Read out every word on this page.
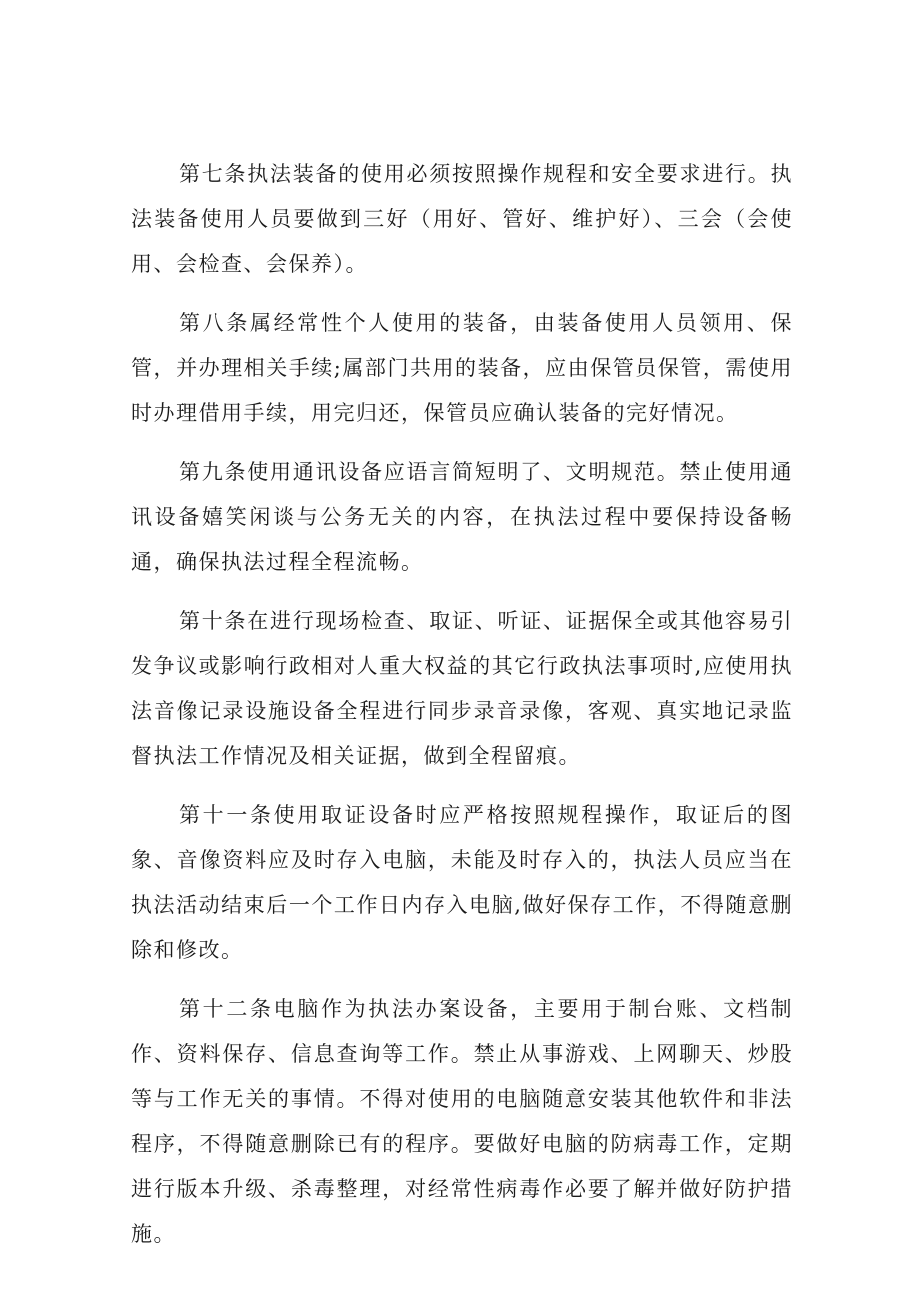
第七条执法装备的使用必须按照操作规程和安全要求进行。执法装备使用人员要做到三好（用好、管好、维护好）、三会（会使用、会检查、会保养）。

第八条属经常性个人使用的装备，由装备使用人员领用、保管，并办理相关手续;属部门共用的装备，应由保管员保管，需使用时办理借用手续，用完归还，保管员应确认装备的完好情况。

第九条使用通讯设备应语言简短明了、文明规范。禁止使用通讯设备嬉笑闲谈与公务无关的内容，在执法过程中要保持设备畅通，确保执法过程全程流畅。

第十条在进行现场检查、取证、听证、证据保全或其他容易引发争议或影响行政相对人重大权益的其它行政执法事项时,应使用执法音像记录设施设备全程进行同步录音录像，客观、真实地记录监督执法工作情况及相关证据，做到全程留痕。

第十一条使用取证设备时应严格按照规程操作，取证后的图象、音像资料应及时存入电脑，未能及时存入的，执法人员应当在执法活动结束后一个工作日内存入电脑,做好保存工作，不得随意删除和修改。

第十二条电脑作为执法办案设备，主要用于制台账、文档制作、资料保存、信息查询等工作。禁止从事游戏、上网聊天、炒股等与工作无关的事情。不得对使用的电脑随意安装其他软件和非法程序，不得随意删除已有的程序。要做好电脑的防病毒工作，定期进行版本升级、杀毒整理，对经常性病毒作必要了解并做好防护措施。
